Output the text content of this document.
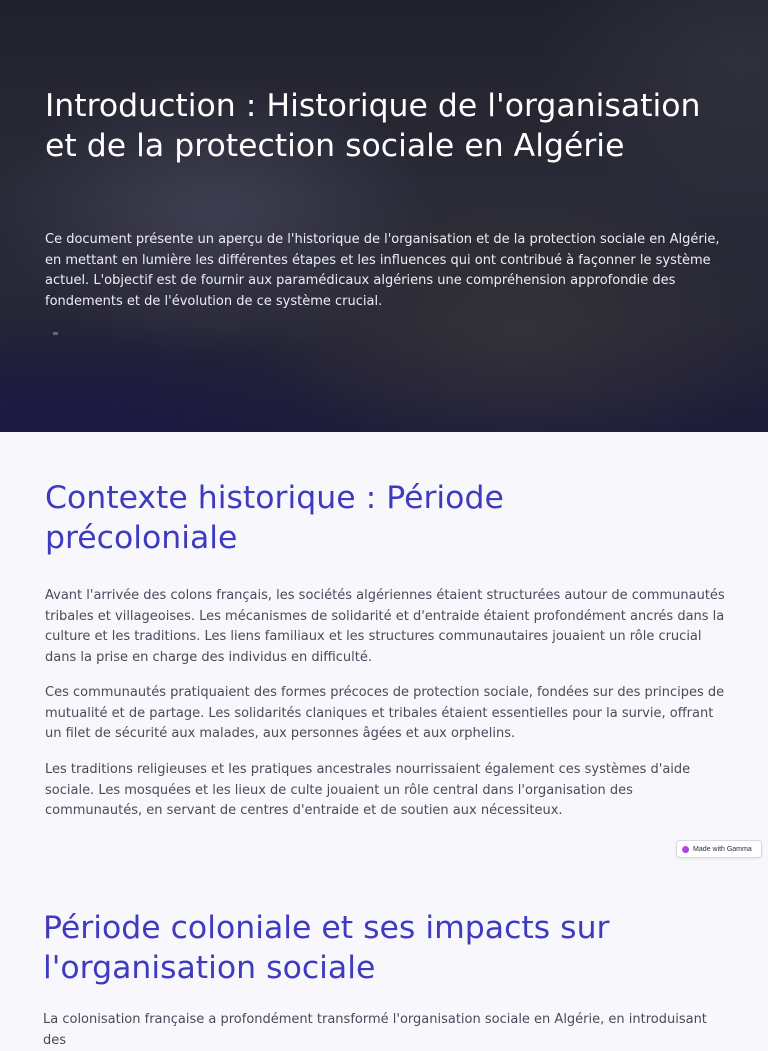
Introduction : Historique de l'organisation et de la protection sociale en Algérie

Ce document présente un aperçu de l'historique de l'organisation et de la protection sociale en Algérie, en mettant en lumière les différentes étapes et les influences qui ont contribué à façonner le système actuel. L'objectif est de fournir aux paramédicaux algériens une compréhension approfondie des fondements et de l'évolution de ce système crucial.

Contexte historique : Période précoloniale

Avant l'arrivée des colons français, les sociétés algériennes étaient structurées autour de communautés tribales et villageoises. Les mécanismes de solidarité et d'entraide étaient profondément ancrés dans la culture et les traditions. Les liens familiaux et les structures communautaires jouaient un rôle crucial dans la prise en charge des individus en difficulté.

Ces communautés pratiquaient des formes précoces de protection sociale, fondées sur des principes de mutualité et de partage. Les solidarités claniques et tribales étaient essentielles pour la survie, offrant un filet de sécurité aux malades, aux personnes âgées et aux orphelins.

Les traditions religieuses et les pratiques ancestrales nourrissaient également ces systèmes d'aide sociale. Les mosquées et les lieux de culte jouaient un rôle central dans l'organisation des communautés, en servant de centres d'entraide et de soutien aux nécessiteux.

Made with Gamma
Période coloniale et ses impacts sur l'organisation sociale

La colonisation française a profondément transformé l'organisation sociale en Algérie, en introduisant des
